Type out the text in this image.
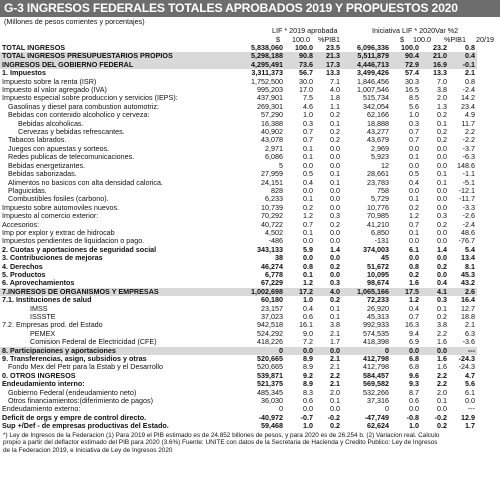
G-3 INGRESOS FEDERALES TOTALES APROBADOS 2019 Y PROPUESTOS 2020
(Millones de pesos corrientes y porcentajes)
LIF * 2019 aprobada	Iniciativa LIF * 2020Var %2
$ 100.0 %PIB1	$ 100.0 %PIB1 20/19
TOTAL INGRESOS	5,838,060	100.0	23.5	6,096,336	100.0	23.2	0.8
TOTAL INGRESOS PRESUPUESTARIOS PROPIOS	5,298,188	90.8	21.3	5,511,879	90.4	21.0	0.4
INGRESOS DEL GOBIERNO FEDERAL	4,295,491	73.6	17.3	4,446,713	72.9	16.9	-0.1
1. Impuestos	3,311,373	56.7	13.3	3,499,426	57.4	13.3	2.1
Impuesto sobre la renta (ISR)	1,752,500	30.0	7.1	1,846,456	30.3	7.0	0.8
Impuesto al valor agregado (IVA)	995,203	17.0	4.0	1,007,546	16.5	3.8	-2.4
Impuesto especial sobre produccion y servicios (IEPS):	437,901	7.5	1.8	515,734	8.5	2.0	14.2
Gasolinas y diesel para combustion automotriz:	269,301	4.6	1.1	342,054	5.6	1.3	23.4
Bebidas con contenido alcoholico y cerveza:	57,290	1.0	0.2	62,166	1.0	0.2	4.9
Bebidas alcoholicas.	16,388	0.3	0.1	18,888	0.3	0.1	11.7
Cervezas y bebidas refrescantes.	40,902	0.7	0.2	43,277	0.7	0.2	2.2
Tabacos labrados.	43,078	0.7	0.2	43,679	0.7	0.2	-2.2
Juegos con apuestas y sorteos.	2,971	0.1	0.0	2,969	0.0	0.0	-3.7
Redes publicas de telecomunicaciones.	6,086	0.1	0.0	5,923	0.1	0.0	-6.3
Bebidas energetizantes.	5	0.0	0.0	12	0.0	0.0	148.6
Bebidas saborizadas.	27,959	0.5	0.1	28,661	0.5	0.1	-1.1
Alimentos no basicos con alta densidad calorica.	24,151	0.4	0.1	23,783	0.4	0.1	-5.1
Plaguicidas.	828	0.0	0.0	758	0.0	0.0	-12.1
Combustibles fosiles (carbono).	6,233	0.1	0.0	5,729	0.1	0.0	-11.7
Impuesto sobre automoviles nuevos.	10,739	0.2	0.0	10,776	0.2	0.0	-3.3
Impuesto al comercio exterior:	70,292	1.2	0.3	70,985	1.2	0.3	-2.6
Accesorios:	40,722	0.7	0.2	41,210	0.7	0.2	-2.4
Imp por explor y extrac de hidrocab	4,502	0.1	0.0	6,850	0.1	0.0	48.6
Impuestos pendientes de liquidacion o pago.	-486	0.0	0.0	-131	0.0	0.0	-76.7
2. Cuotas y aportaciones de seguridad social	343,133	5.9	1.4	374,003	6.1	1.4	5.4
3. Contribuciones de mejoras	38	0.0	0.0	45	0.0	0.0	13.4
4. Derechos	46,274	0.8	0.2	51,672	0.8	0.2	8.1
5. Productos	6,778	0.1	0.0	10,095	0.2	0.0	45.3
6. Aprovechamientos	67,229	1.2	0.3	98,674	1.6	0.4	43.2
7.INGRESOS DE ORGANISMOS Y EMPRESAS	1,002,698	17.2	4.0	1,065,166	17.5	4.1	2.6
7.1. Instituciones de salud	60,180	1.0	0.2	72,233	1.2	0.3	16.4
IMSS	23,157	0.4	0.1	26,920	0.4	0.1	12.7
ISSSTE	37,023	0.6	0.1	45,313	0.7	0.2	18.8
7.2. Empresas prod. del Estado	942,518	16.1	3.8	992,933	16.3	3.8	2.1
PEMEX	524,292	9.0	2.1	574,535	9.4	2.2	6.3
Comision Federal de Electricidad (CFE)	418,226	7.2	1.7	418,398	6.9	1.6	-3.6
8. Participaciones y aportaciones	0	0.0	0.0	0	0.0	0.0	---
9. Transferencias, asign, subsidios y otras	520,665	8.9	2.1	412,798	6.8	1.6	-24.3
Fondo Mex del Petr para la Estab y el Desarrollo	520,665	8.9	2.1	412,798	6.8	1.6	-24.3
0. OTROS INGRESOS	539,871	9.2	2.2	584,457	9.6	2.2	4.7
Endeudamiento interno:	521,375	8.9	2.1	569,582	9.3	2.2	5.6
Gobierno Federal (endeudamiento neto)	485,345	8.3	2.0	532,266	8.7	2.0	6.1
Otros financiamientos:(diferimiento de pagos)	36,030	0.6	0.1	37,316	0.6	0.1	0.0
Endeudamiento externo:	0	0.0	0.0	0	0.0	0.0	---
Deficit de orgs y empre de control directo.	-40,972	-0.7	-0.2	-47,749	-0.8	-0.2	12.9
Sup +/Def - de empresas productivas del Estado.	59,468	1.0	0.2	62,624	1.0	0.2	1.7
*) Ley de Ingresos de la Federacion (1) Para 2019 el PIB estimado es de 24.852 billones de pesos, y para 2020 es de 26.254 b. (2) Variacion real. Calculo
propio a partir del deflactor estimado del PIB para 2020 (3.6%) Fuente: UNITE con datos de la Secretaria de Hacienda y Credito Publico: Ley de Ingresos
de la Federacion 2019, e Iniciativa de Ley de Ingresos 2020
